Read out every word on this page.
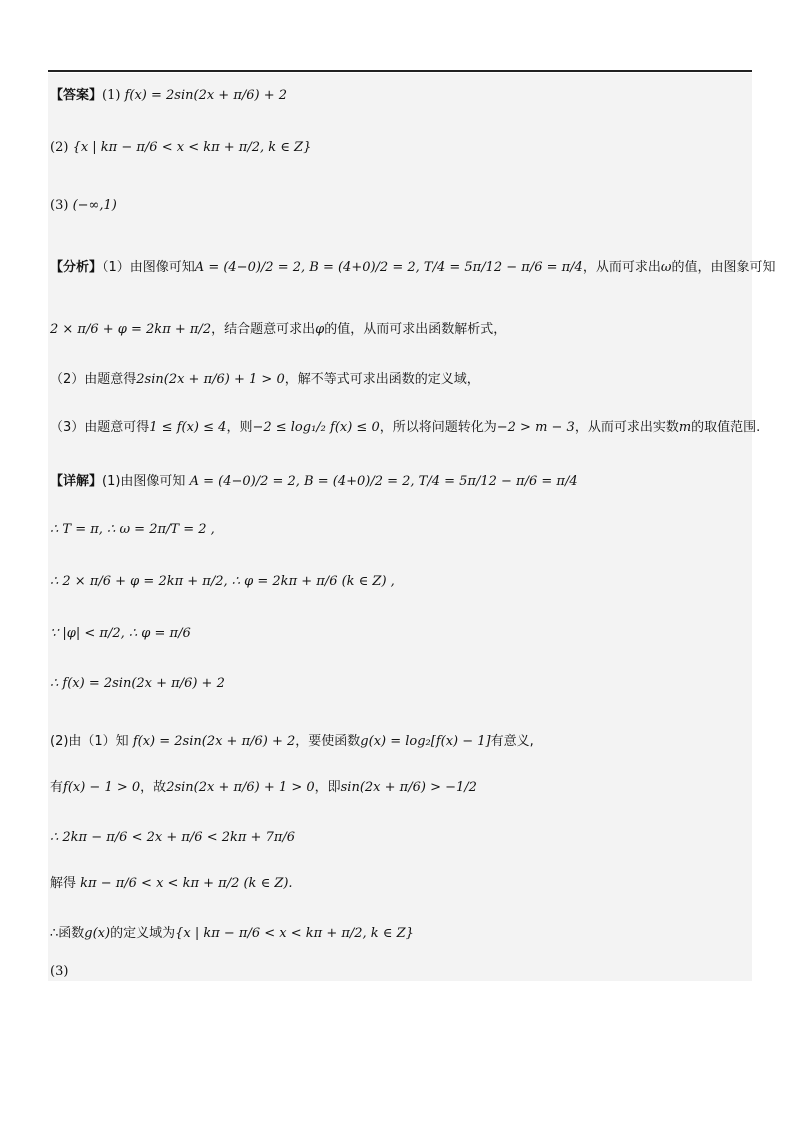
【答案】(1) f(x) = 2sin(2x + π/6) + 2
(2) {x | kπ − π/6 < x < kπ + π/2, k ∈ Z}
(3) (−∞,1)
【分析】（1）由图像可知A = (4−0)/2 = 2, B = (4+0)/2 = 2, T/4 = 5π/12 − π/6 = π/4，从而可求出ω的值，由图象可知
2 × π/6 + φ = 2kπ + π/2，结合题意可求出φ的值，从而可求出函数解析式，
（2）由题意得2sin(2x + π/6) + 1 > 0，解不等式可求出函数的定义域，
（3）由题意可得1 ≤ f(x) ≤ 4，则−2 ≤ log₁/₂ f(x) ≤ 0，所以将问题转化为−2 > m − 3，从而可求出实数m的取值范围.
【详解】(1)由图像可知 A = (4−0)/2 = 2, B = (4+0)/2 = 2, T/4 = 5π/12 − π/6 = π/4
∴ T = π, ∴ ω = 2π/T = 2 ,
∴ 2 × π/6 + φ = 2kπ + π/2, ∴ φ = 2kπ + π/6 (k ∈ Z) ,
∵ |φ| < π/2, ∴ φ = π/6
∴ f(x) = 2sin(2x + π/6) + 2
(2)由（1）知 f(x) = 2sin(2x + π/6) + 2，要使函数g(x) = log₂[f(x) − 1]有意义,
有f(x) − 1 > 0，故2sin(2x + π/6) + 1 > 0，即sin(2x + π/6) > −1/2
∴ 2kπ − π/6 < 2x + π/6 < 2kπ + 7π/6
解得 kπ − π/6 < x < kπ + π/2 (k ∈ Z).
∴函数g(x)的定义域为{x | kπ − π/6 < x < kπ + π/2, k ∈ Z}
(3)
